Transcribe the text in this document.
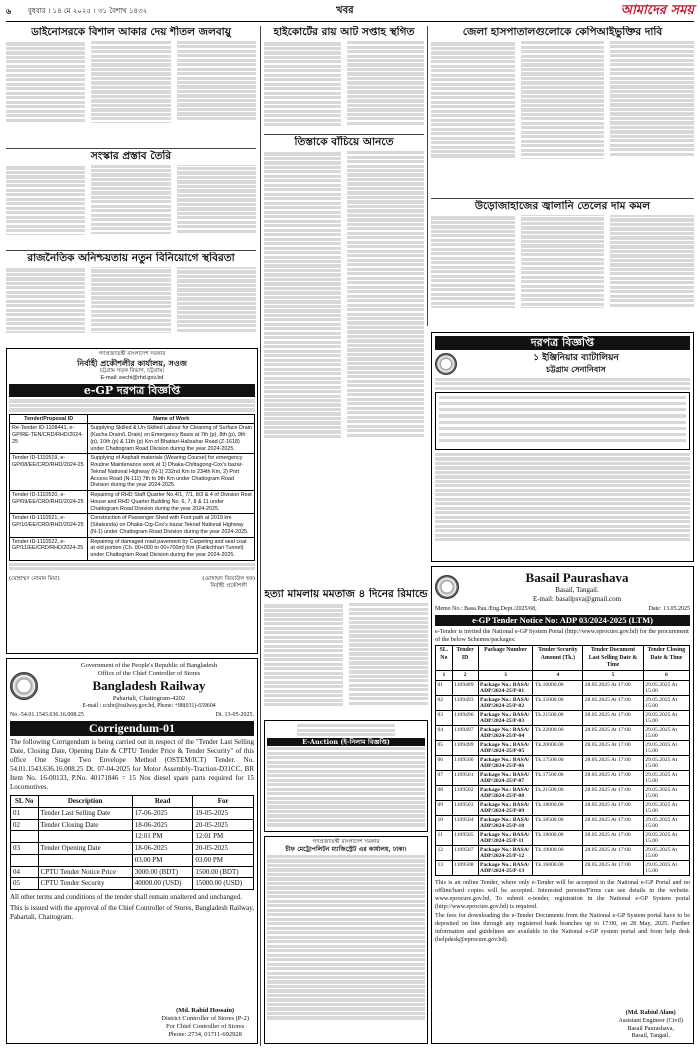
৬ বুধবার । ১৪ মে ২০২৫ । ৩১ বৈশাখ ১৪৩২	খবর	আমাদের সময়
ডাইনোসরকে বিশাল আকার দেয় শীতল জলবায়ু
সংস্কার প্রস্তাব তৈরি
রাজনৈতিক অনিশ্চয়তায় নতুন বিনিয়োগে স্থবিরতা
গণপ্রজাতন্ত্রী বাংলাদেশ সরকার
নির্বাহী প্রকৌশলীর কার্যালয়, সওজ
চট্টগ্রাম সড়ক বিভাগ, চট্টগ্রাম।
E-mail: eechi@rhd.gov.bd
e-GP দরপত্র বিজ্ঞপ্তি
Tender/Proposal ID	Name of Work
Re-Tender ID-1108441, e-GP/RE-TEN/CRD/RHD/2024-25	Supplying Skilled & Un-Skilled Labour for Cleaning of Surface Drain (Kacha Drain/L Drain) on Emergency Basis at 7th (p), 8th (p), 9th (p), 10th (p) & 11th (p) Km of Bhatiari-Halisahar Road (Z-1618) under Chattogram Road Division during the year 2024-2025.
Tender ID-1110519, e-GP/08/EE/CRD/RHD/2024-25	Supplying of Asphalt materials (Wearing Course) for emergency Routine Maintenance work at 1) Dhaka-Chittagong-Cox's bazar-Teknaf National Highway (N-1) 232nd Km to 234th Km, 2) Port Access Road (N-111) 7th to 9th Km under Chattogram Road Division during the year 2024-2025.
Tender ID-1110520, e-GP/09/EE/CRD/RHD/2024-25	Repairing of RHD Staff Quarter No.4/1, 7/1, 8/3 & 4 of Division Rest House and RHD Quarter Building No. 6, 7, 8 & 11 under Chattogram Road Division during the year 2024-2025.
Tender ID-1110521, e-GP/10/EE/CRD/RHD/2024-25	Construction of Passenger Shed with Foot path at 2019 km (Sitakunda) on Dhaka-Ctg-Cox's bazar Teknaf National Highway (N-1) under Chattogram Road Division during the year 2024-2025.
Tender ID-1110522, e-GP/11/EE/CRD/RHD/2024-25	Repairing of damaged road pavement by Carpeting and seal coat at old portion (Ch. 00+000 to 00+700m) Km (Fatikchhari Tunnel) under Chattogram Road Division during the year 2024-2025.
(মোহাম্মদ নোমান মিয়া)	(মোহাম্মদ জিয়াউল হক)
নির্বাহী প্রকৌশলী
Government of the People's Republic of Bangladesh
Office of the Chief Controller of Stores
Bangladesh Railway
Pahartali, Chattogram-4202
E-mail : ccsbr@railway.gov.bd, Phone: +88(031)-659604
No.-54.01.1543.636.16.008.25	Dt. 13-05-2025.
Corrigendum-01
The following Corrigendum is being carried out in respect of the "Tender Last Selling Date, Closing Date, Opening Date & CPTU Tender Price & Tender Security" of this office One Stage Two Envelope Method (OSTEM/ICT) Tender. No. 54.01.1543.636.16.008.25 Dt. 07-04-2025 for Motor Assembly-Traction-D31CC, BR Item No. 16-00133, P.No. 40171846 = 15 Nos diesel spare parts required for 15 Locomotives.
SL No	Description	Read	For
01	Tender Last Selling Date	17-06-2025	19-05-2025
02	Tender Closing Date	18-06-2025	20-05-2025
		12:01 PM	12:01 PM
03	Tender Opening Date	18-06-2025	20-05-2025
		03.00 PM	03.00 PM
04	CPTU Tender Notice Price	3000.00 (BDT)	1500.00 (BDT)
05	CPTU Tender Security	40000.00 (USD)	15000.00 (USD)
All other terms and conditions of the tender shall remain unaltered and unchanged.
This is issued with the approval of the Chief Controller of Stores, Bangladesh Railway, Pahartali, Chattogram.
(Md. Rahid Hossain)
District Controller of Stores (P-2)
For Chief Controller of Stores
Phone: 2734, 01711-692928
হাইকোর্টের রায় আট সপ্তাহ স্থগিত
তিস্তাকে বাঁচিয়ে আনতে
জেলা হাসপাতালগুলোকে কেপিআইভুক্তির দাবি
উড়োজাহাজের জ্বালানি তেলের দাম কমল
দরপত্র বিজ্ঞপ্তি
১ ইঞ্জিনিয়ার ব্যাটালিয়ন
চট্টগ্রাম সেনানিবাস
হত্যা মামলায় মমতাজ ৪ দিনের রিমান্ডে
E-Auction (ই-নিলাম বিজ্ঞপ্তি)
গণপ্রজাতন্ত্রী বাংলাদেশ সরকার
চীফ মেট্রোপলিটন ম্যাজিস্ট্রেট এর কার্যালয়, ঢাকা।
Basail Paurashava
Basail, Tangail.
E-mail: basailpsva@gmail.com
Memo No.: Basa.Pau./Eng.Dept./2025/68,	Date: 13.05.2025
e-GP Tender Notice No: ADP 03/2024-2025 (LTM)
e-Tender is invited the National e-GP System Portal (http://www.eprocure.gov.bd) for the procurement of the below Schemes/packages:
SL. No	Tender ID	Package Number	Tender Security Amount (Tk.)	Tender Document Last Selling Date & Time	Tender Closing Date & Time
1	2	3	4	5	6
01	1109489	Package No.: BASA/ ADP/2024-25/P-01	Tk.16000.00	28.05.2025 At 17:00	29.05.2025 At 15.00
02	1109493	Package No.: BASA/ ADP/2024-25/P-02	Tk.15000.00	28.05.2025 At 17:00	29.05.2025 At 15.00
03	1109496	Package No.: BASA/ ADP/2024-25/P-03	Tk.21500.00	28.05.2025 At 17:00	29.05.2025 At 15.00
04	1109497	Package No.: BASA/ ADP/2024-25/P-04	Tk.22000.00	28.05.2025 At 17:00	29.05.2025 At 15.00
05	1109499	Package No.: BASA/ ADP/2024-25/P-05	Tk.20000.00	28.05.2025 At 17:00	29.05.2025 At 15.00
06	1109500	Package No.: BASA/ ADP/2024-25/P-06	Tk.17500.00	28.05.2025 At 17:00	29.05.2025 At 15.00
07	1109501	Package No.: BASA/ ADP/2024-25/P-07	Tk.17500.00	28.05.2025 At 17:00	29.05.2025 At 15.00
08	1109502	Package No.: BASA/ ADP/2024-25/P-08	Tk.21500.00	28.05.2025 At 17:00	29.05.2025 At 15.00
09	1109503	Package No.: BASA/ ADP/2024-25/P-09	Tk.18000.00	28.05.2025 At 17:00	29.05.2025 At 15.00
10	1109504	Package No.: BASA/ ADP/2024-25/P-10	Tk.18500.00	28.05.2025 At 17:00	29.05.2025 At 15.00
11	1109505	Package No.: BASA/ ADP/2024-25/P-11	Tk.18000.00	28.05.2025 At 17:00	29.05.2025 At 15.00
12	1109507	Package No.: BASA/ ADP/2024-25/P-12	Tk.19000.00	28.05.2025 At 17:00	29.05.2025 At 15.00
13	1109508	Package No.: BASA/ ADP/2024-25/P-13	Tk.16000.00	28.05.2025 At 17:00	29.05.2025 At 15.00
This is an online Tender, where only e-Tender will be accepted in the National e-GP Portal and no offline/hard copies will be accepted. Interested persons/Firms can see details in the website: www.eprocure.gov.bd, To submit e-tender, registration in the National e-GP System portal (http://www.eprocure.gov.bd) is required.
The fees for downloading the e-Tender Documents from the National e-GP System portal have to be deposited on line through any registered bank branches up to 17:00, on 28 May, 2025. Further information and guidelines are available in the National e-GP system portal and from help desk (helpdesk@eprocure.gov.bd).
(Md. Rabiul Alam)
Assistant Engineer (Civil)
Basail Paurashava,
Basail, Tangail.
